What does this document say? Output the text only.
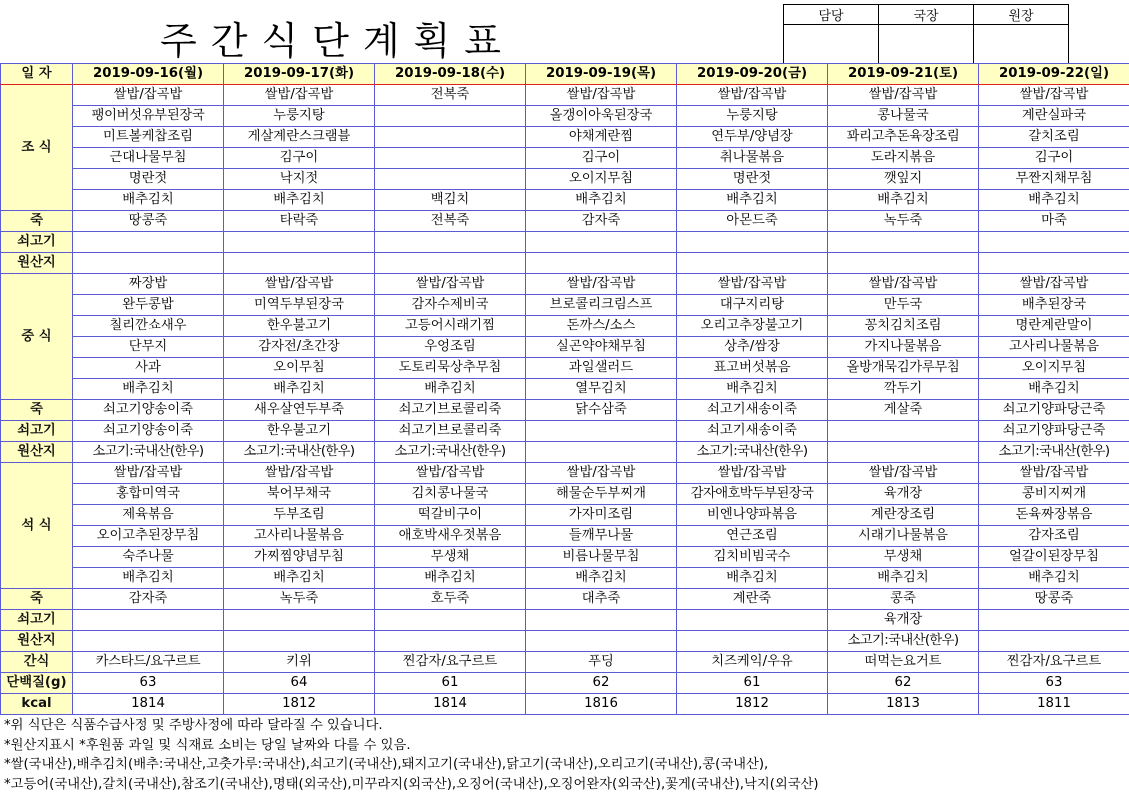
주간식단계획표
담당	국장	원장

일 자	2019-09-16(월)	2019-09-17(화)	2019-09-18(수)	2019-09-19(목)	2019-09-20(금)	2019-09-21(토)	2019-09-22(일)
조 식	쌀밥/잡곡밥	쌀밥/잡곡밥	전복죽	쌀밥/잡곡밥	쌀밥/잡곡밥	쌀밥/잡곡밥	쌀밥/잡곡밥
	팽이버섯유부된장국	누룽지탕		올갱이아욱된장국	누룽지탕	콩나물국	계란실파국
	미트볼케찹조림	게살계란스크램블		야채계란찜	연두부/양념장	꽈리고추돈육장조림	갈치조림
	근대나물무침	김구이		김구이	취나물볶음	도라지볶음	김구이
	명란젓	낙지젓		오이지무침	명란젓	깻잎지	무짠지채무침
	배추김치	배추김치	백김치	배추김치	배추김치	배추김치	배추김치
죽	땅콩죽	타락죽	전복죽	감자죽	아몬드죽	녹두죽	마죽
쇠고기							
원산지							
중 식	짜장밥	쌀밥/잡곡밥	쌀밥/잡곡밥	쌀밥/잡곡밥	쌀밥/잡곡밥	쌀밥/잡곡밥	쌀밥/잡곡밥
	완두콩밥	미역두부된장국	감자수제비국	브로콜리크림스프	대구지리탕	만두국	배추된장국
	칠리깐쇼새우	한우불고기	고등어시래기찜	돈까스/소스	오리고추장불고기	꽁치김치조림	명란계란말이
	단무지	감자전/초간장	우엉조림	실곤약야채무침	상추/쌈장	가지나물볶음	고사리나물볶음
	사과	오이무침	도토리묵상추무침	과일샐러드	표고버섯볶음	올방개묵김가루무침	오이지무침
	배추김치	배추김치	배추김치	열무김치	배추김치	깍두기	배추김치
죽	쇠고기양송이죽	새우살연두부죽	쇠고기브로콜리죽	닭수삼죽	쇠고기새송이죽	게살죽	쇠고기양파당근죽
쇠고기	쇠고기양송이죽	한우불고기	쇠고기브로콜리죽		쇠고기새송이죽		쇠고기양파당근죽
원산지	소고기:국내산(한우)	소고기:국내산(한우)	소고기:국내산(한우)		소고기:국내산(한우)		소고기:국내산(한우)
석 식	쌀밥/잡곡밥	쌀밥/잡곡밥	쌀밥/잡곡밥	쌀밥/잡곡밥	쌀밥/잡곡밥	쌀밥/잡곡밥	쌀밥/잡곡밥
	홍합미역국	북어무채국	김치콩나물국	해물순두부찌개	감자애호박두부된장국	육개장	콩비지찌개
	제육볶음	두부조림	떡갈비구이	가자미조림	비엔나양파볶음	계란장조림	돈육짜장볶음
	오이고추된장무침	고사리나물볶음	애호박새우젓볶음	들깨무나물	연근조림	시래기나물볶음	감자조림
	숙주나물	가찌찜양념무침	무생채	비름나물무침	김치비빔국수	무생채	얼갈이된장무침
	배추김치	배추김치	배추김치	배추김치	배추김치	배추김치	배추김치
죽	감자죽	녹두죽	호두죽	대추죽	계란죽	콩죽	땅콩죽
쇠고기						육개장	
원산지						소고기:국내산(한우)	
간식	카스타드/요구르트	키위	찐감자/요구르트	푸딩	치즈케익/우유	떠먹는요거트	찐감자/요구르트
단백질(g)	63	64	61	62	61	62	63
kcal	1814	1812	1814	1816	1812	1813	1811
*위 식단은 식품수급사정 및 주방사정에 따라 달라질 수 있습니다.
*원산지표시 *후원품 과일 및 식재료 소비는 당일 날짜와 다를 수 있음.
*쌀(국내산),배추김치(배추:국내산,고춧가루:국내산),쇠고기(국내산),돼지고기(국내산),닭고기(국내산),오리고기(국내산),콩(국내산),
*고등어(국내산),갈치(국내산),참조기(국내산),명태(외국산),미꾸라지(외국산),오징어(국내산),오징어완자(외국산),꽃게(국내산),낙지(외국산)
